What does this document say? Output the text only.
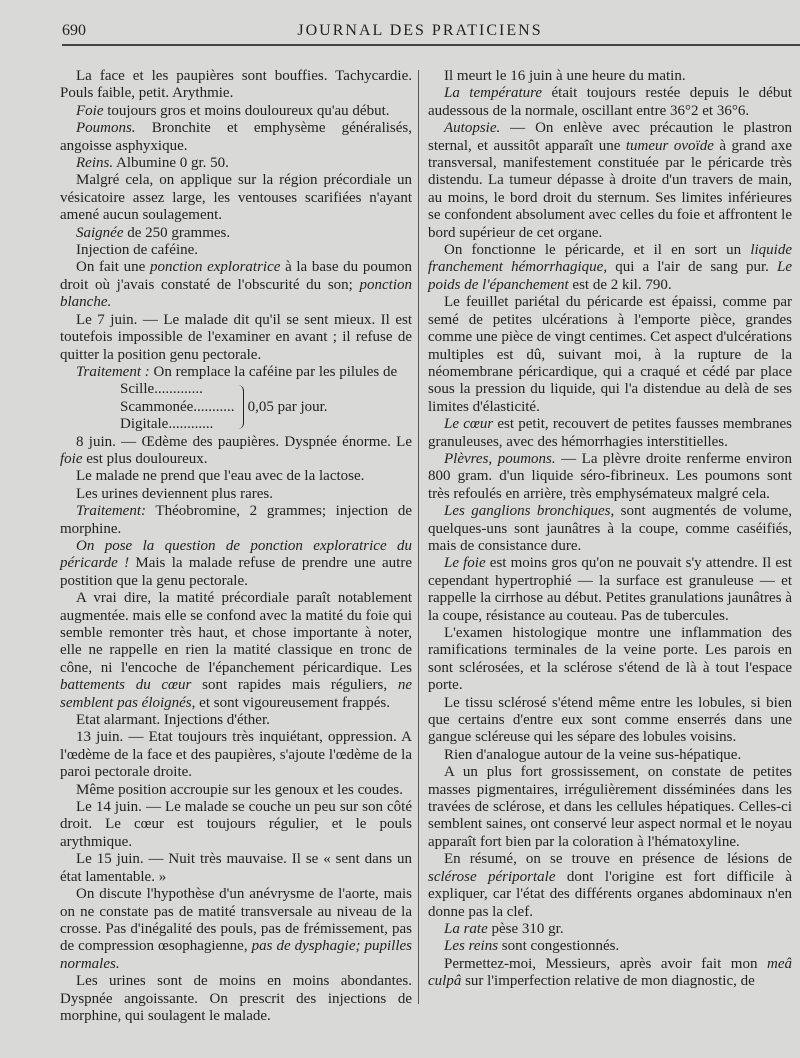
690	JOURNAL DES PRATICIENS

La face et les paupières sont bouffies. Tachycardie. Pouls faible, petit. Arythmie.

Foie toujours gros et moins douloureux qu'au début.

Poumons. Bronchite et emphysème généralisés, angoisse asphyxique.

Reins. Albumine 0 gr. 50.

Malgré cela, on applique sur la région précordiale un vésicatoire assez large, les ventouses scarifiées n'ayant amené aucun soulagement.

Saignée de 250 grammes.

Injection de caféine.

On fait une ponction exploratrice à la base du poumon droit où j'avais constaté de l'obscurité du son; ponction blanche.

Le 7 juin. — Le malade dit qu'il se sent mieux. Il est toutefois impossible de l'examiner en avant ; il refuse de quitter la position genu pectorale.

Traitement : On remplace la caféine par les pilules de

Scille.............
Scammonée...........
Digitale............
0,05 par jour.

8 juin. — Œdème des paupières. Dyspnée énorme. Le foie est plus douloureux.

Le malade ne prend que l'eau avec de la lactose.

Les urines deviennent plus rares.

Traitement: Théobromine, 2 grammes; injection de morphine.

On pose la question de ponction exploratrice du péricarde ! Mais la malade refuse de prendre une autre postition que la genu pectorale.

A vrai dire, la matité précordiale paraît notablement augmentée. mais elle se confond avec la matité du foie qui semble remonter très haut, et chose importante à noter, elle ne rappelle en rien la matité classique en tronc de cône, ni l'encoche de l'épanchement péricardique. Les battements du cœur sont rapides mais réguliers, ne semblent pas éloignés, et sont vigoureusement frappés.

Etat alarmant. Injections d'éther.

13 juin. — Etat toujours très inquiétant, oppression. A l'œdème de la face et des paupières, s'ajoute l'œdème de la paroi pectorale droite.

Même position accroupie sur les genoux et les coudes.

Le 14 juin. — Le malade se couche un peu sur son côté droit. Le cœur est toujours régulier, et le pouls arythmique.

Le 15 juin. — Nuit très mauvaise. Il se « sent dans un état lamentable. »

On discute l'hypothèse d'un anévrysme de l'aorte, mais on ne constate pas de matité transversale au niveau de la crosse. Pas d'inégalité des pouls, pas de frémissement, pas de compression œsophagienne, pas de dysphagie; pupilles normales.

Les urines sont de moins en moins abondantes. Dyspnée angoissante. On prescrit des injections de morphine, qui soulagent le malade.

Il meurt le 16 juin à une heure du matin.

La température était toujours restée depuis le début audessous de la normale, oscillant entre 36°2 et 36°6.

Autopsie. — On enlève avec précaution le plastron sternal, et aussitôt apparaît une tumeur ovoïde à grand axe transversal, manifestement constituée par le péricarde très distendu. La tumeur dépasse à droite d'un travers de main, au moins, le bord droit du sternum. Ses limites inférieures se confondent absolument avec celles du foie et affrontent le bord supérieur de cet organe.

On fonctionne le péricarde, et il en sort un liquide franchement hémorrhagique, qui a l'air de sang pur. Le poids de l'épanchement est de 2 kil. 790.

Le feuillet pariétal du péricarde est épaissi, comme par semé de petites ulcérations à l'emporte pièce, grandes comme une pièce de vingt centimes. Cet aspect d'ulcérations multiples est dû, suivant moi, à la rupture de la néomembrane péricardique, qui a craqué et cédé par place sous la pression du liquide, qui l'a distendue au delà de ses limites d'élasticité.

Le cœur est petit, recouvert de petites fausses membranes granuleuses, avec des hémorrhagies interstitielles.

Plèvres, poumons. — La plèvre droite renferme environ 800 gram. d'un liquide séro-fibrineux. Les poumons sont très refoulés en arrière, très emphysémateux malgré cela.

Les ganglions bronchiques, sont augmentés de volume, quelques-uns sont jaunâtres à la coupe, comme caséifiés, mais de consistance dure.

Le foie est moins gros qu'on ne pouvait s'y attendre. Il est cependant hypertrophié — la surface est granuleuse — et rappelle la cirrhose au début. Petites granulations jaunâtres à la coupe, résistance au couteau. Pas de tubercules.

L'examen histologique montre une inflammation des ramifications terminales de la veine porte. Les parois en sont sclérosées, et la sclérose s'étend de là à tout l'espace porte.

Le tissu sclérosé s'étend même entre les lobules, si bien que certains d'entre eux sont comme enserrés dans une gangue scléreuse qui les sépare des lobules voisins.

Rien d'analogue autour de la veine sus-hépatique.

A un plus fort grossissement, on constate de petites masses pigmentaires, irrégulièrement disséminées dans les travées de sclérose, et dans les cellules hépatiques. Celles-ci semblent saines, ont conservé leur aspect normal et le noyau apparaît fort bien par la coloration à l'hématoxyline.

En résumé, on se trouve en présence de lésions de sclérose périportale dont l'origine est fort difficile à expliquer, car l'état des différents organes abdominaux n'en donne pas la clef.

La rate pèse 310 gr.

Les reins sont congestionnés.

Permettez-moi, Messieurs, après avoir fait mon meâ culpâ sur l'imperfection relative de mon diagnostic, de
